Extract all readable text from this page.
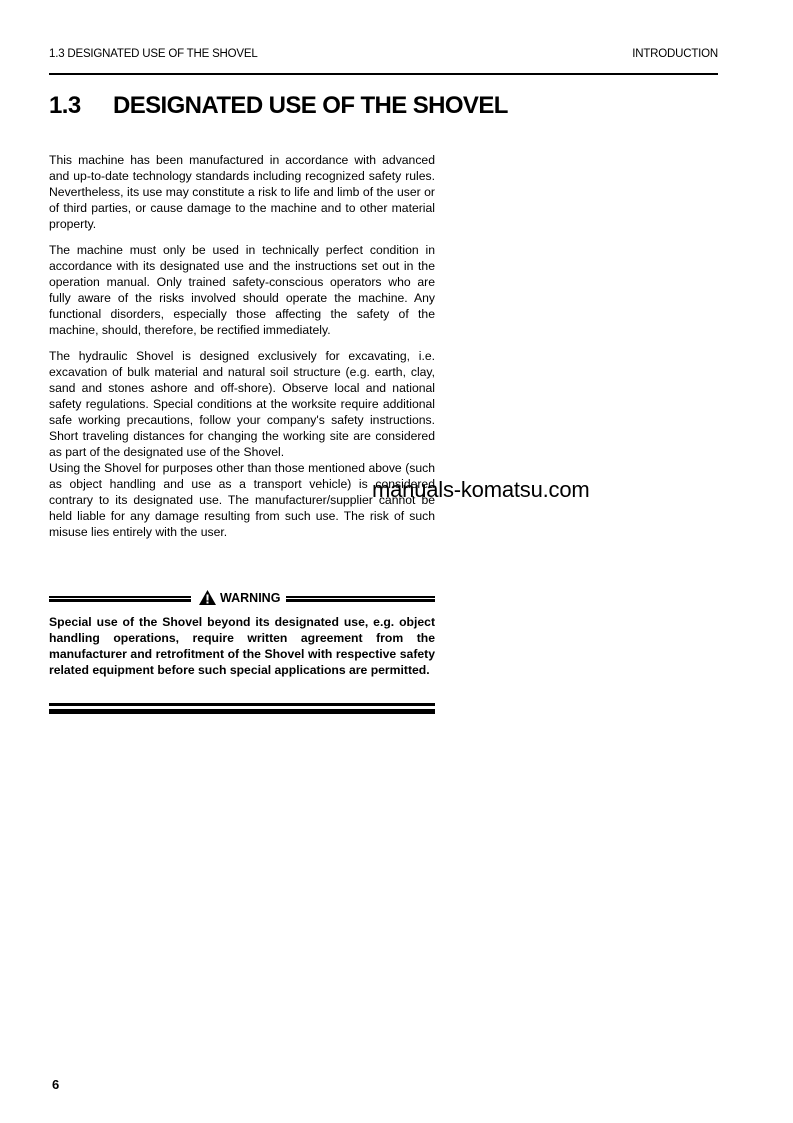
1.3 DESIGNATED USE OF THE SHOVEL	INTRODUCTION
1.3 DESIGNATED USE OF THE SHOVEL

This machine has been manufactured in accordance with advanced and up-to-date technology standards including recognized safety rules. Nevertheless, its use may constitute a risk to life and limb of the user or of third parties, or cause damage to the machine and to other material property.

The machine must only be used in technically perfect condition in accordance with its designated use and the instructions set out in the operation manual. Only trained safety-conscious operators who are fully aware of the risks involved should operate the machine. Any functional disorders, especially those affecting the safety of the machine, should, therefore, be rectified immediately.

The hydraulic Shovel is designed exclusively for excavating, i.e. excavation of bulk material and natural soil structure (e.g. earth, clay, sand and stones ashore and off-shore). Observe local and national safety regulations. Special conditions at the worksite require additional safe working precautions, follow your company's safety instructions. Short traveling distances for changing the working site are considered as part of the designated use of the Shovel.

Using the Shovel for purposes other than those mentioned above (such as object handling and use as a transport vehicle) is considered contrary to its designated use. The manufacturer/supplier cannot be held liable for any damage resulting from such use. The risk of such misuse lies entirely with the user.

manuals-komatsu.com
WARNING
Special use of the Shovel beyond its designated use, e.g. object handling operations, require written agreement from the manufacturer and retrofitment of the Shovel with respective safety related equipment before such special applications are permitted.
6
